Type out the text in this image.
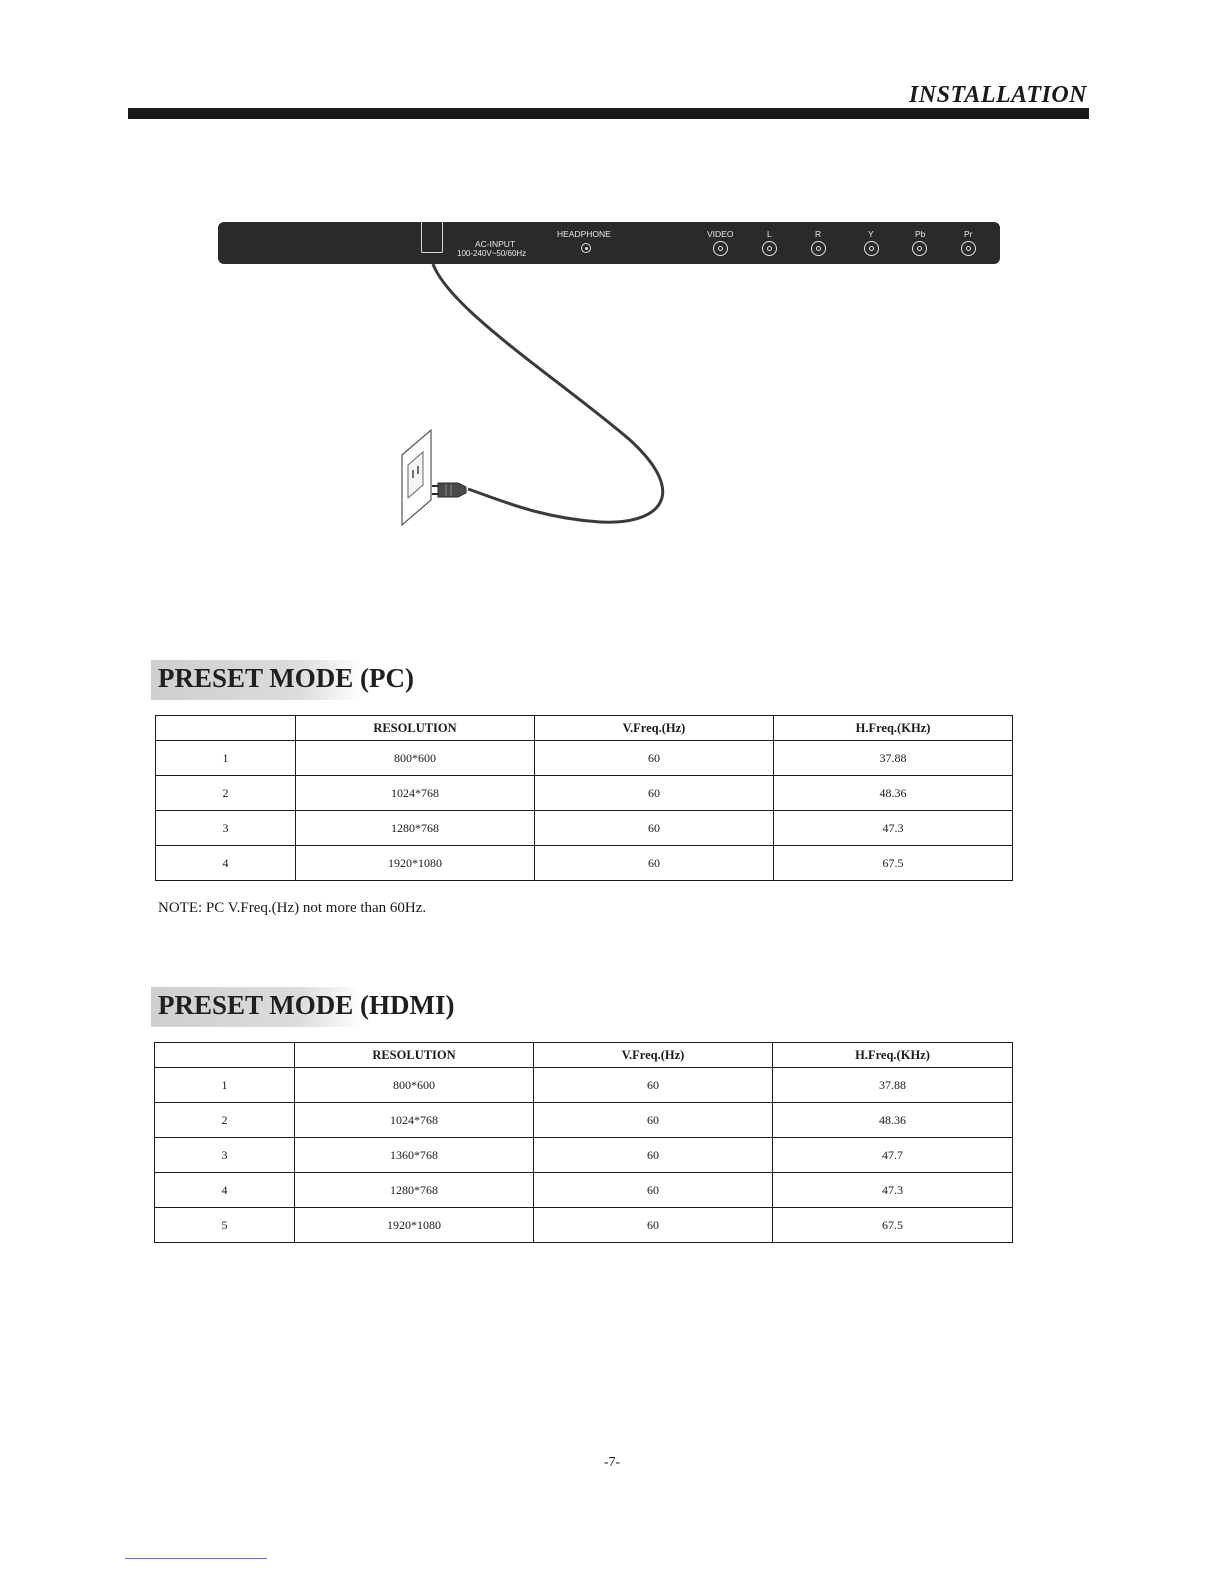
INSTALLATION
AC-INPUT
100-240V~50/60Hz
HEADPHONE	VIDEO	L	R	Y	Pb	Pr
PRESET MODE (PC)
	RESOLUTION	V.Freq.(Hz)	H.Freq.(KHz)
1	800*600	60	37.88
2	1024*768	60	48.36
3	1280*768	60	47.3
4	1920*1080	60	67.5
NOTE: PC V.Freq.(Hz) not more than 60Hz.
PRESET MODE (HDMI)
	RESOLUTION	V.Freq.(Hz)	H.Freq.(KHz)
1	800*600	60	37.88
2	1024*768	60	48.36
3	1360*768	60	47.7
4	1280*768	60	47.3
5	1920*1080	60	67.5
-7-
